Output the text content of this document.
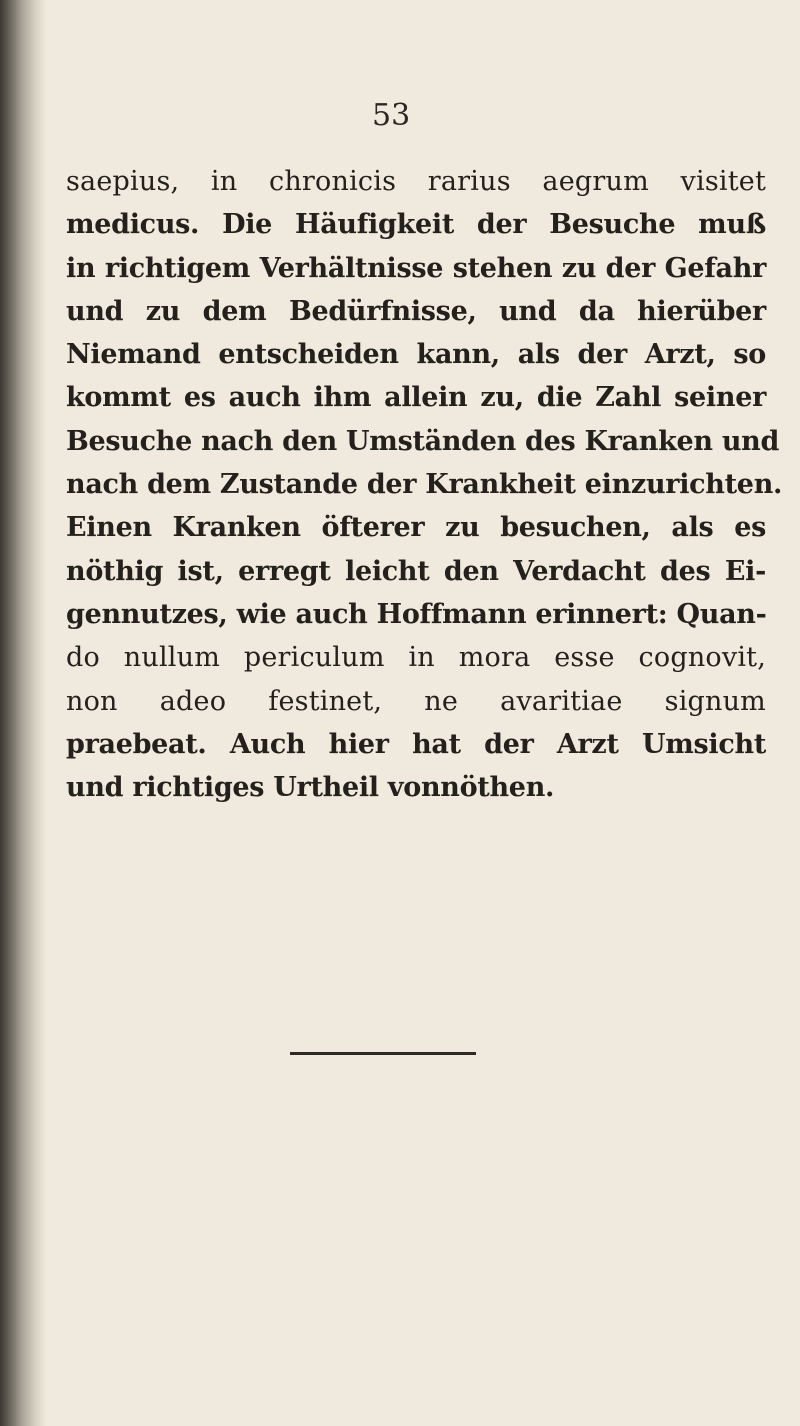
53
saepius, in chronicis rarius aegrum visitet
medicus. Die Häufigkeit der Besuche muß
in richtigem Verhältnisse stehen zu der Gefahr
und zu dem Bedürfnisse, und da hierüber
Niemand entscheiden kann, als der Arzt, so
kommt es auch ihm allein zu, die Zahl seiner
Besuche nach den Umständen des Kranken und
nach dem Zustande der Krankheit einzurichten.
Einen Kranken öfterer zu besuchen, als es
nöthig ist, erregt leicht den Verdacht des Ei-
gennutzes, wie auch Hoffmann erinnert: Quan-
do nullum periculum in mora esse cognovit,
non adeo festinet, ne avaritiae signum
praebeat. Auch hier hat der Arzt Umsicht
und richtiges Urtheil vonnöthen.
